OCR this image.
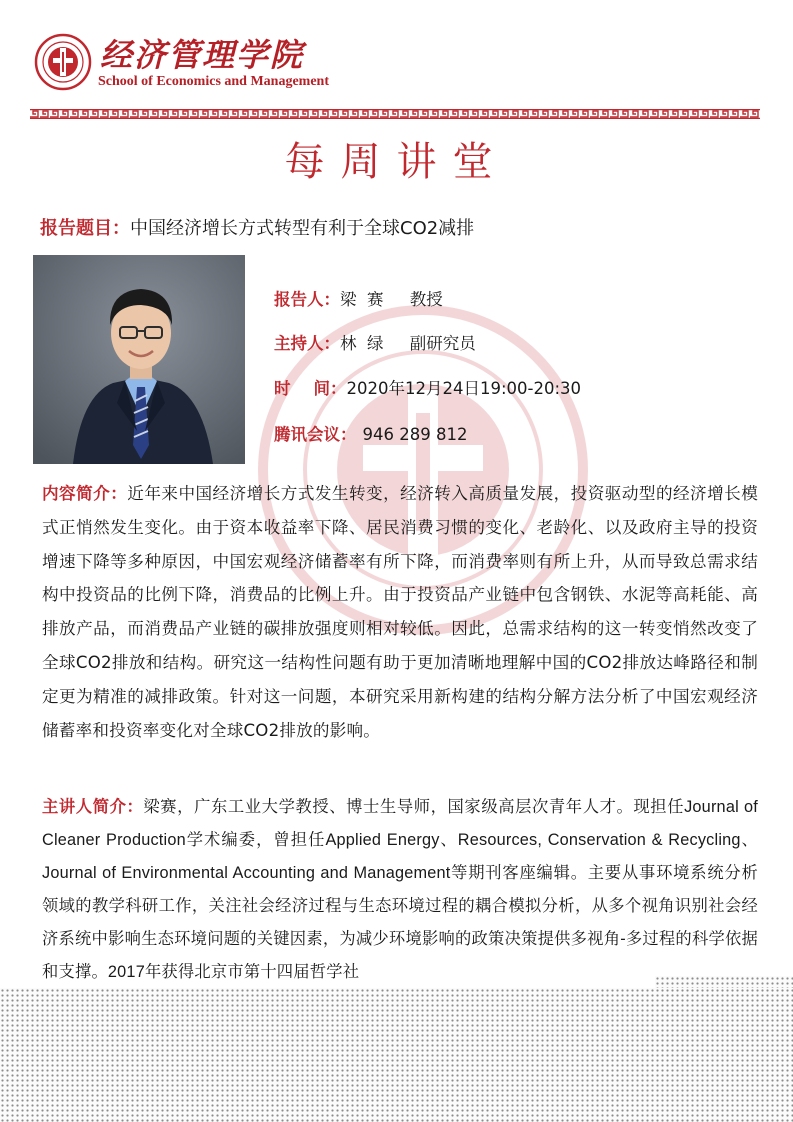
经济管理学院
School of Economics and Management
每周讲堂
报告题目：中国经济增长方式转型有利于全球CO2减排
报告人：梁  赛     教授
主持人：林  绿     副研究员
时    间：2020年12月24日19:00-20:30
腾讯会议： 946 289 812
内容简介：近年来中国经济增长方式发生转变，经济转入高质量发展，投资驱动型的经济增长模式正悄然发生变化。由于资本收益率下降、居民消费习惯的变化、老龄化、以及政府主导的投资增速下降等多种原因，中国宏观经济储蓄率有所下降，而消费率则有所上升，从而导致总需求结构中投资品的比例下降，消费品的比例上升。由于投资品产业链中包含钢铁、水泥等高耗能、高排放产品，而消费品产业链的碳排放强度则相对较低。因此，总需求结构的这一转变悄然改变了全球CO2排放和结构。研究这一结构性问题有助于更加清晰地理解中国的CO2排放达峰路径和制定更为精准的减排政策。针对这一问题，本研究采用新构建的结构分解方法分析了中国宏观经济储蓄率和投资率变化对全球CO2排放的影响。
主讲人简介：梁赛，广东工业大学教授、博士生导师，国家级高层次青年人才。现担任Journal of Cleaner Production学术编委，曾担任Applied Energy、Resources, Conservation & Recycling、Journal of Environmental Accounting and Management等期刊客座编辑。主要从事环境系统分析领域的教学科研工作，关注社会经济过程与生态环境过程的耦合模拟分析，从多个视角识别社会经济系统中影响生态环境问题的关键因素，为减少环境影响的政策决策提供多视角-多过程的科学依据和支撑。2017年获得北京市第十四届哲学社
